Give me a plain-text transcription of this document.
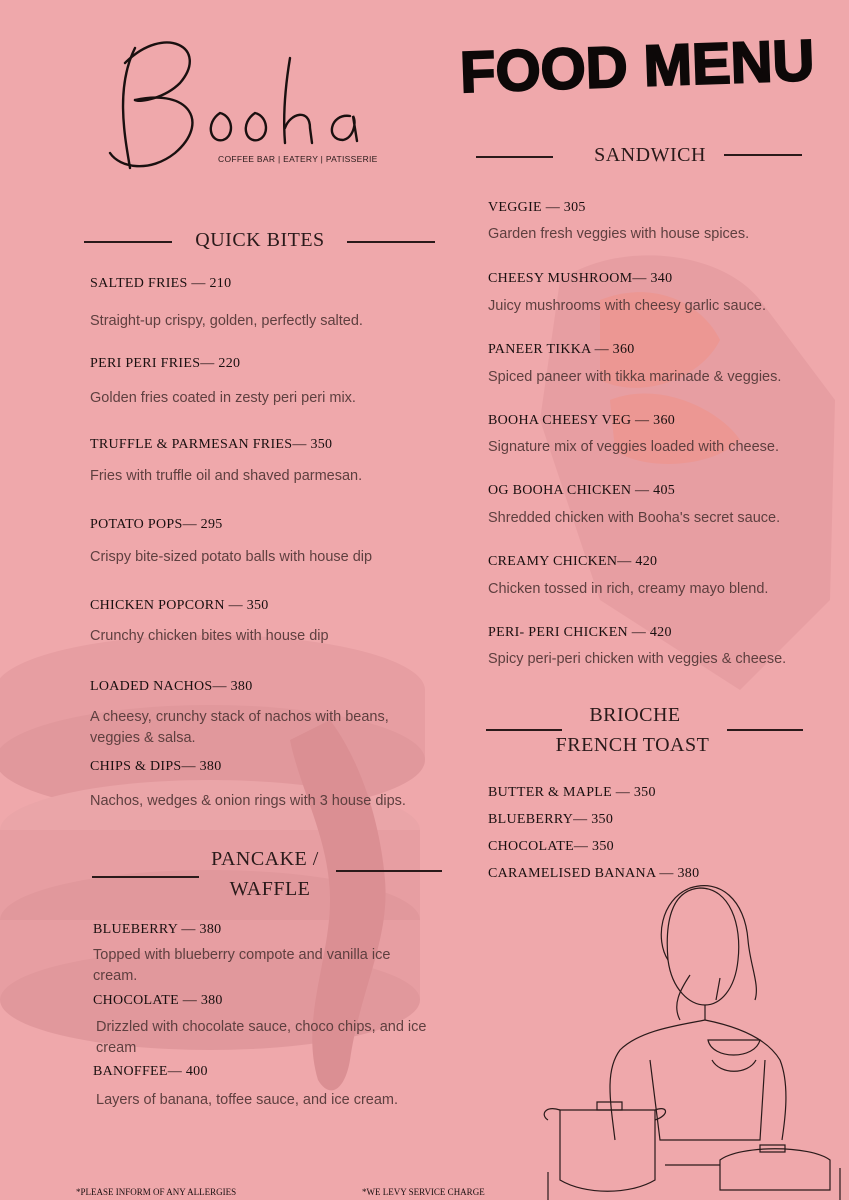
COFFEE BAR | EATERY | PATISSERIE
FOOD MENU
QUICK BITES
SALTED FRIES — 210
Straight-up crispy, golden, perfectly salted.
PERI PERI FRIES— 220
Golden fries coated in zesty peri peri mix.
TRUFFLE & PARMESAN FRIES— 350
Fries with truffle oil and shaved parmesan.
POTATO POPS— 295
Crispy bite-sized potato balls with house dip
CHICKEN POPCORN — 350
Crunchy chicken bites with house dip
LOADED NACHOS— 380
A cheesy, crunchy stack of nachos with beans, veggies & salsa.
CHIPS & DIPS— 380
Nachos, wedges & onion rings with 3 house dips.
PANCAKE /
WAFFLE
BLUEBERRY — 380
Topped with blueberry compote and vanilla ice cream.
CHOCOLATE — 380
Drizzled with chocolate sauce, choco chips, and ice cream
BANOFFEE— 400
Layers of banana, toffee sauce, and ice cream.
SANDWICH
VEGGIE — 305
Garden fresh veggies with house spices.
CHEESY MUSHROOM— 340
Juicy mushrooms with cheesy garlic sauce.
PANEER TIKKA — 360
Spiced paneer with tikka marinade & veggies.
BOOHA CHEESY VEG — 360
Signature mix of veggies loaded with cheese.
OG BOOHA CHICKEN — 405
Shredded chicken with Booha's secret sauce.
CREAMY CHICKEN— 420
Chicken tossed in rich, creamy mayo blend.
PERI- PERI CHICKEN — 420
Spicy peri-peri chicken with veggies & cheese.
BRIOCHE
FRENCH TOAST
BUTTER & MAPLE — 350
BLUEBERRY— 350
CHOCOLATE— 350
CARAMELISED BANANA — 380
*PLEASE INFORM OF ANY ALLERGIES	*WE LEVY SERVICE CHARGE
